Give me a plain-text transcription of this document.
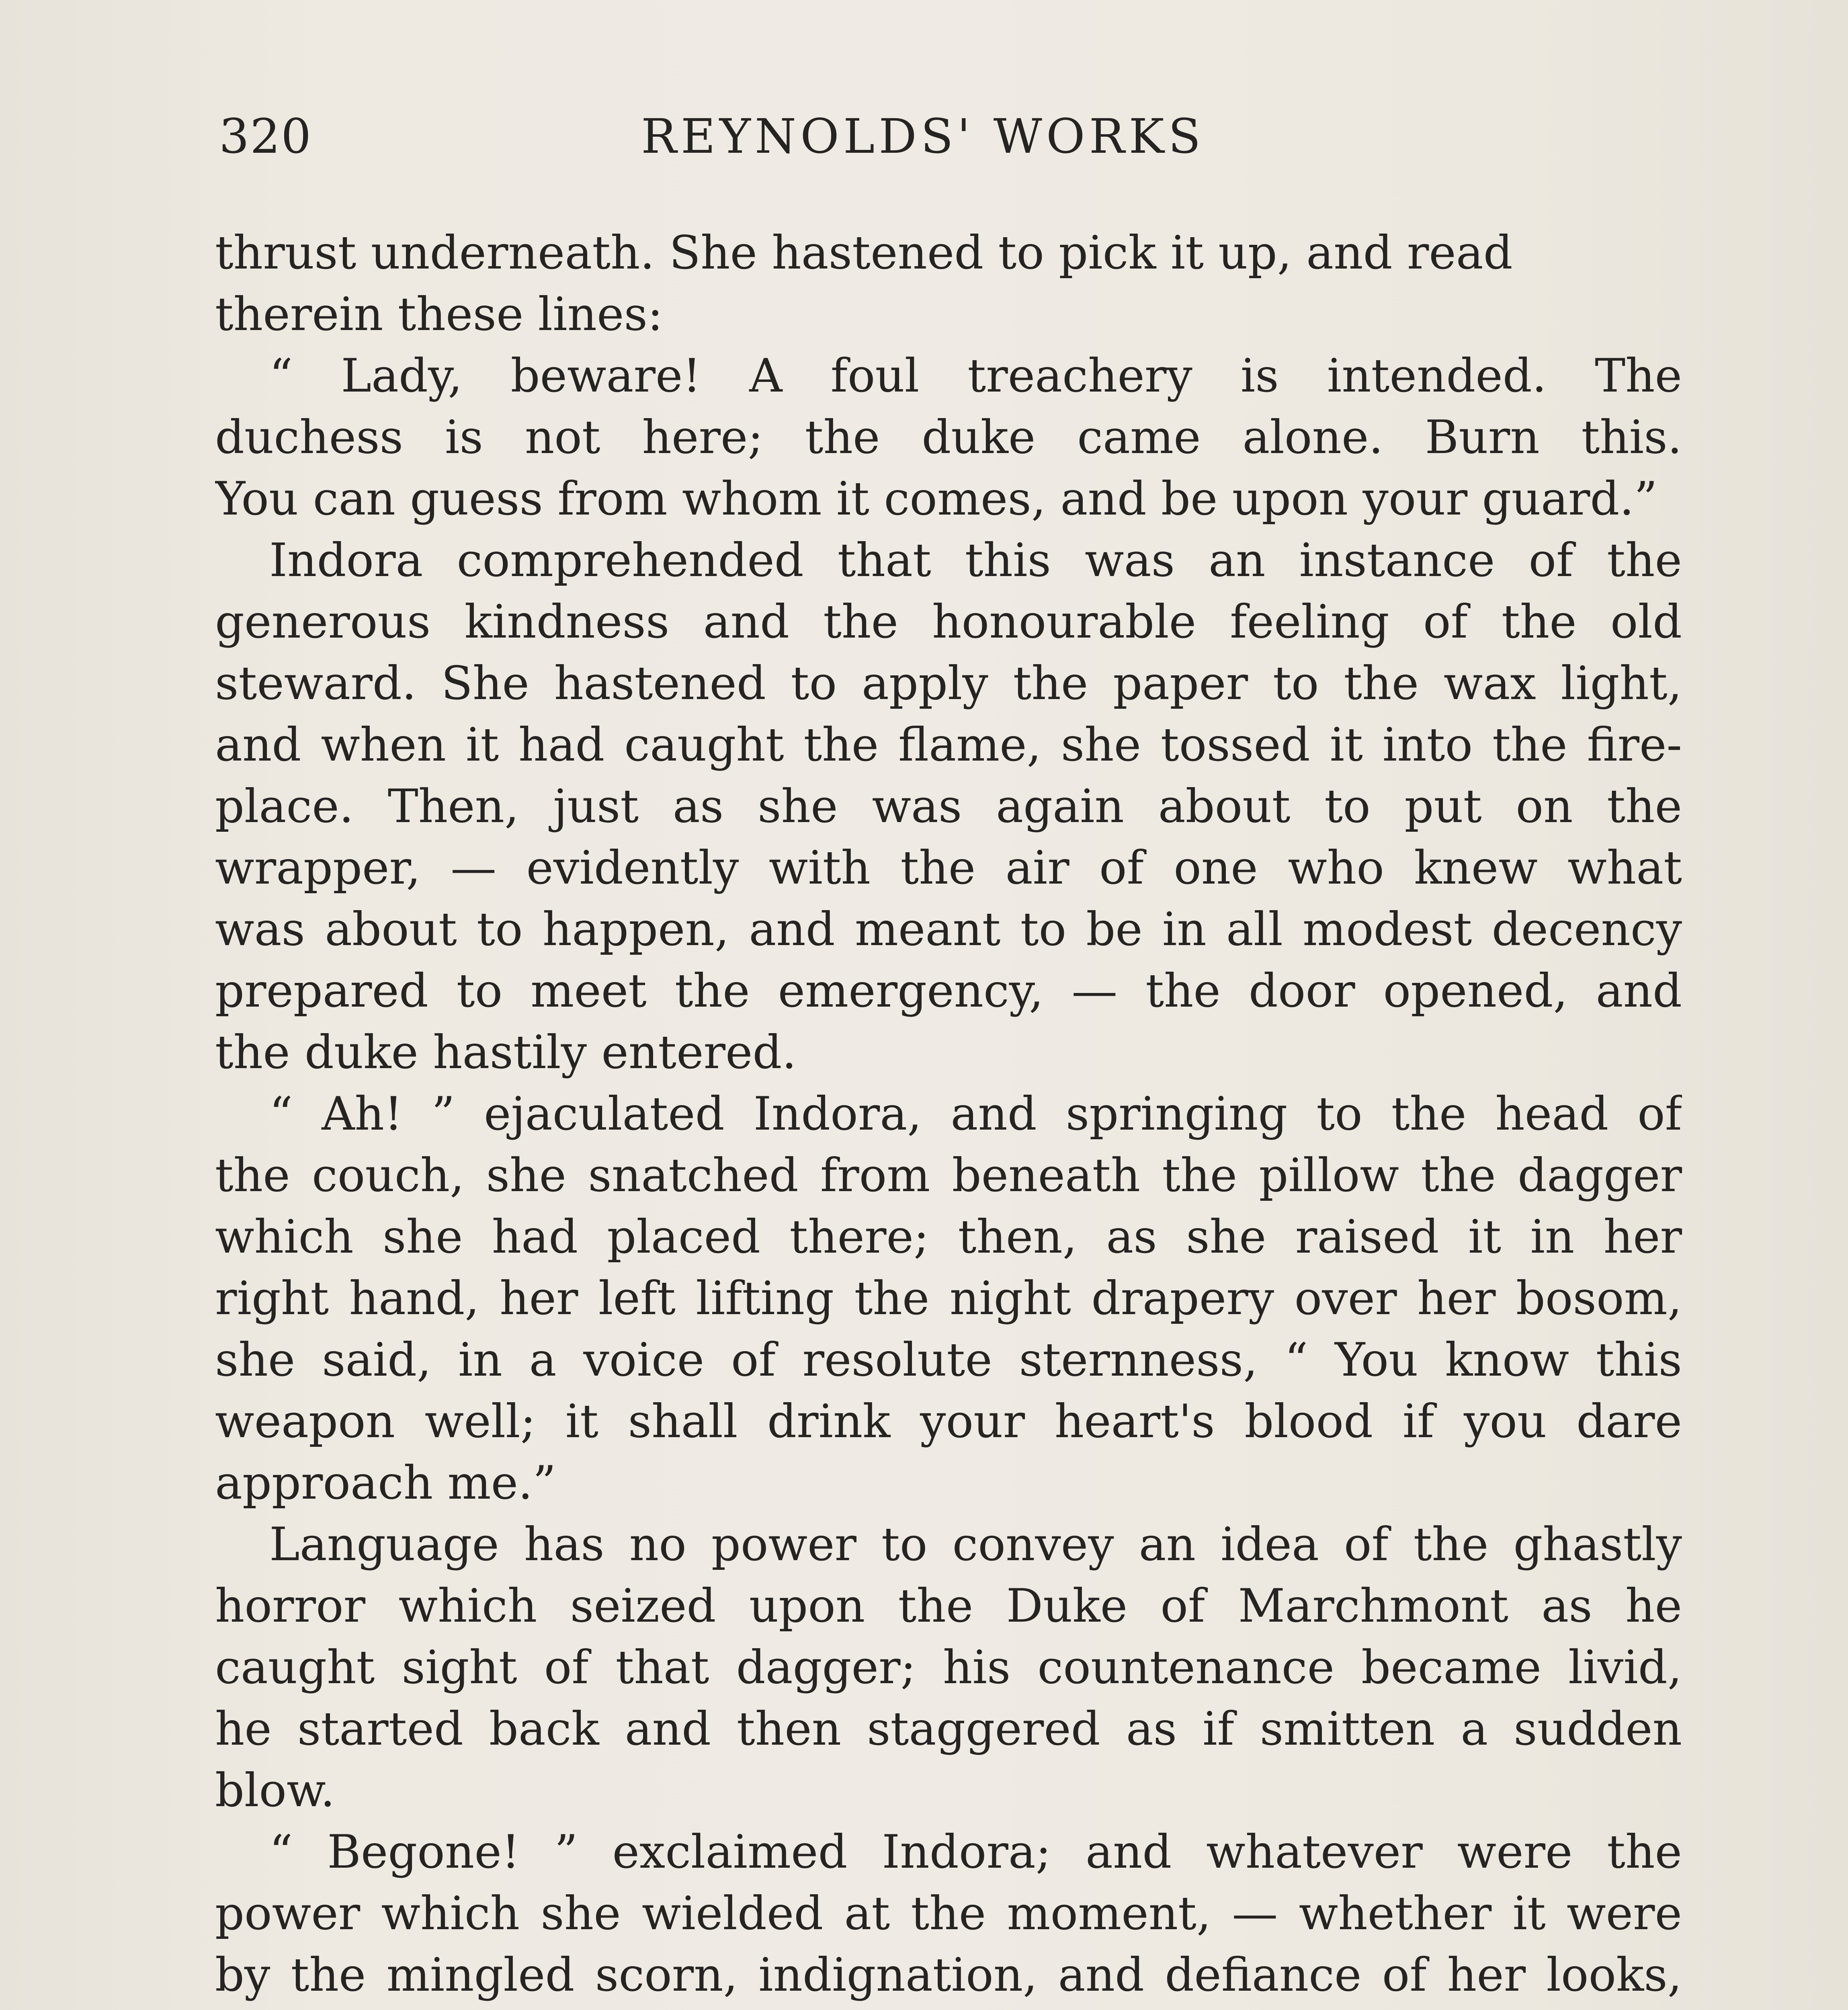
320	REYNOLDS' WORKS
thrust underneath. She hastened to pick it up, and read
therein these lines:
“ Lady, beware! A foul treachery is intended. The
duchess is not here; the duke came alone. Burn this.
You can guess from whom it comes, and be upon your guard.”
Indora comprehended that this was an instance of the
generous kindness and the honourable feeling of the old
steward. She hastened to apply the paper to the wax light,
and when it had caught the flame, she tossed it into the fire-
place. Then, just as she was again about to put on the
wrapper, — evidently with the air of one who knew what
was about to happen, and meant to be in all modest decency
prepared to meet the emergency, — the door opened, and
the duke hastily entered.
“ Ah! ” ejaculated Indora, and springing to the head of
the couch, she snatched from beneath the pillow the dagger
which she had placed there; then, as she raised it in her
right hand, her left lifting the night drapery over her bosom,
she said, in a voice of resolute sternness, “ You know this
weapon well; it shall drink your heart's blood if you dare
approach me.”
Language has no power to convey an idea of the ghastly
horror which seized upon the Duke of Marchmont as he
caught sight of that dagger; his countenance became livid,
he started back and then staggered as if smitten a sudden
blow.
“ Begone! ” exclaimed Indora; and whatever were the
power which she wielded at the moment, — whether it were
by the mingled scorn, indignation, and defiance of her looks,
